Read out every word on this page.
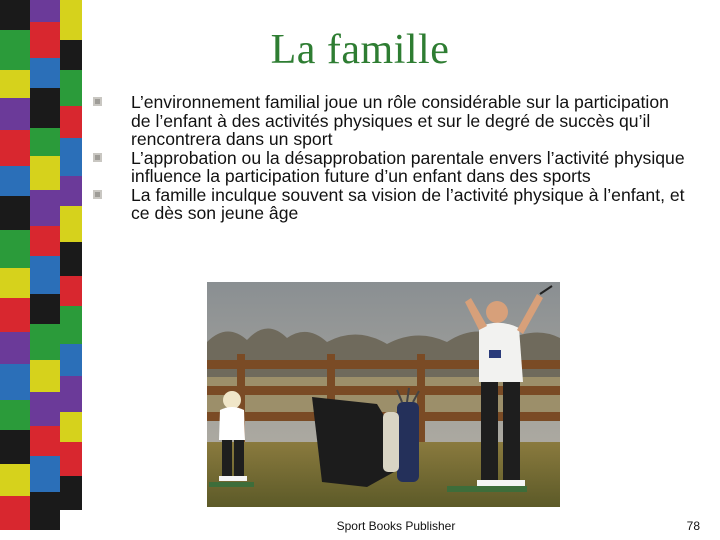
La famille
L’environnement familial joue un rôle considérable sur la participation de l’enfant à des activités physiques et sur le degré de succès qu’il rencontrera dans un sport
L’approbation ou la désapprobation parentale envers l’activité physique influence la participation future d’un enfant dans des sports
La famille inculque souvent sa vision de l’activité physique à l’enfant, et ce dès son jeune âge
Sport Books Publisher	78
